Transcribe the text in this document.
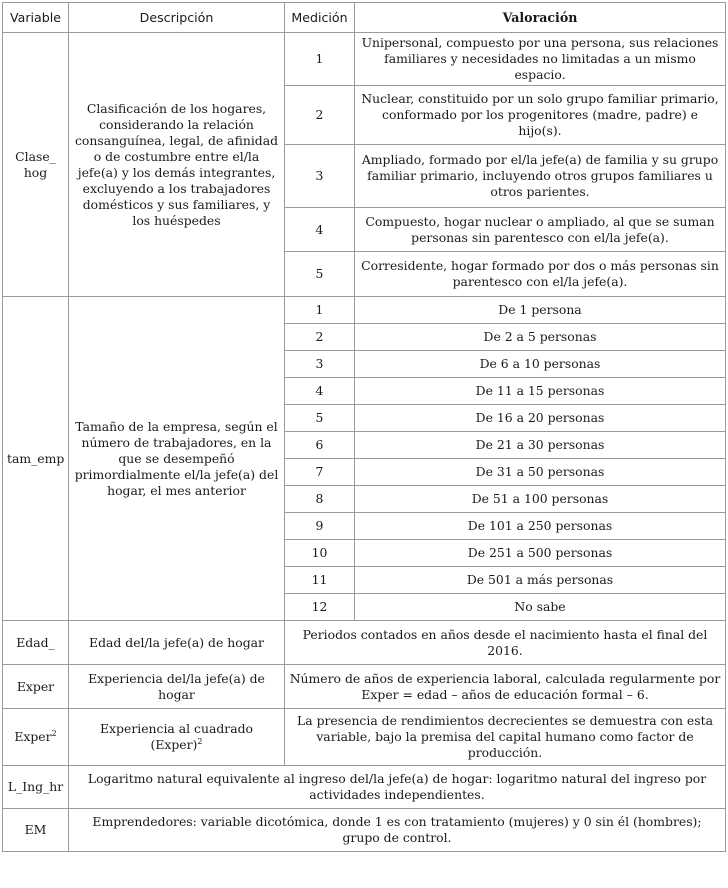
Variable	Descripción	Medición	Valoración
Clase_ hog	Clasificación de los hogares, considerando la relación consanguínea, legal, de afinidad o de costumbre entre el/la jefe(a) y los demás integrantes, excluyendo a los trabajadores domésticos y sus familiares, y los huéspedes	1	Unipersonal, compuesto por una persona, sus relaciones familiares y necesidades no limitadas a un mismo espacio.
		2	Nuclear, constituido por un solo grupo familiar primario, conformado por los progenitores (madre, padre) e hijo(s).
		3	Ampliado, formado por el/la jefe(a) de familia y su grupo familiar primario, incluyendo otros grupos familiares u otros parientes.
		4	Compuesto, hogar nuclear o ampliado, al que se suman personas sin parentesco con el/la jefe(a).
		5	Corresidente, hogar formado por dos o más personas sin parentesco con el/la jefe(a).
tam_emp	Tamaño de la empresa, según el número de trabajadores, en la que se desempeñó primordialmente el/la jefe(a) del hogar, el mes anterior	1	De 1 persona
		2	De 2 a 5 personas
		3	De 6 a 10 personas
		4	De 11 a 15 personas
		5	De 16 a 20 personas
		6	De 21 a 30 personas
		7	De 31 a 50 personas
		8	De 51 a 100 personas
		9	De 101 a 250 personas
		10	De 251 a 500 personas
		11	De 501 a más personas
		12	No sabe
Edad_	Edad del/la jefe(a) de hogar	Periodos contados en años desde el nacimiento hasta el final del 2016.	
Exper	Experiencia del/la jefe(a) de hogar	Número de años de experiencia laboral, calculada regularmente por Exper = edad – años de educación formal – 6.	
Exper$^2$	Experiencia al cuadrado (Exper)$^2$	La presencia de rendimientos decrecientes se demuestra con esta variable, bajo la premisa del capital humano como factor de producción.	
L_Ing_hr	Logaritmo natural equivalente al ingreso del/la jefe(a) de hogar: logaritmo natural del ingreso por actividades independientes.		
EM	Emprendedores: variable dicotómica, donde 1 es con tratamiento (mujeres) y 0 sin él (hombres); grupo de control.		
